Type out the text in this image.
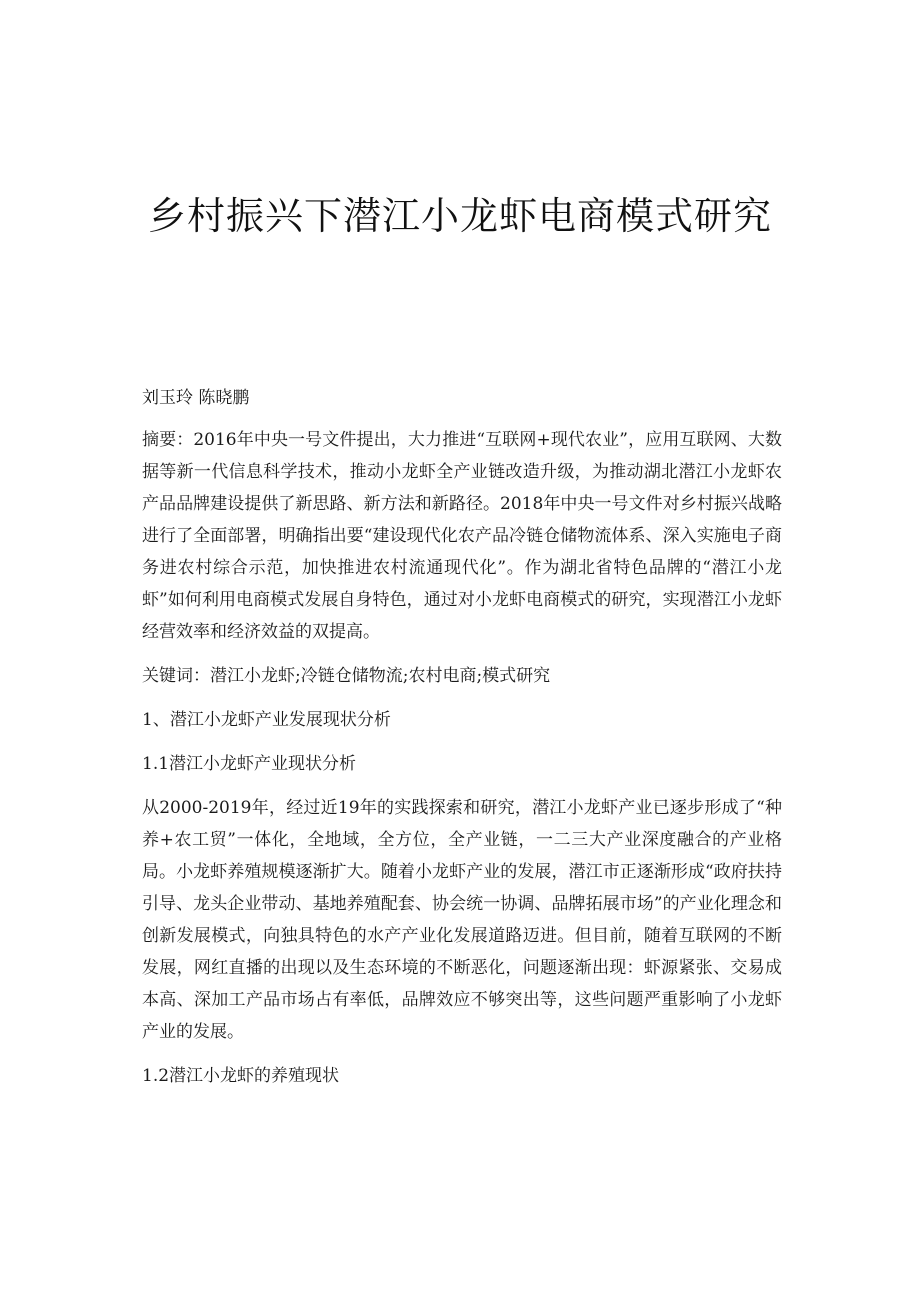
乡村振兴下潜江小龙虾电商模式研究

刘玉玲 陈晓鹏

摘要：2016年中央一号文件提出，大力推进“互联网+现代农业”，应用互联网、大数据等新一代信息科学技术，推动小龙虾全产业链改造升级，为推动湖北潜江小龙虾农产品品牌建设提供了新思路、新方法和新路径。2018年中央一号文件对乡村振兴战略进行了全面部署，明确指出要“建设现代化农产品冷链仓储物流体系、深入实施电子商务进农村综合示范，加快推进农村流通现代化”。作为湖北省特色品牌的“潜江小龙虾”如何利用电商模式发展自身特色，通过对小龙虾电商模式的研究，实现潜江小龙虾经营效率和经济效益的双提高。

关键词：潜江小龙虾;冷链仓储物流;农村电商;模式研究

1、潜江小龙虾产业发展现状分析

1.1潜江小龙虾产业现状分析

从2000-2019年，经过近19年的实践探索和研究，潜江小龙虾产业已逐步形成了“种养+农工贸”一体化，全地域，全方位，全产业链，一二三大产业深度融合的产业格局。小龙虾养殖规模逐渐扩大。随着小龙虾产业的发展，潜江市正逐渐形成“政府扶持引导、龙头企业带动、基地养殖配套、协会统一协调、品牌拓展市场”的产业化理念和创新发展模式，向独具特色的水产产业化发展道路迈进。但目前，随着互联网的不断发展，网红直播的出现以及生态环境的不断恶化，问题逐渐出现：虾源紧张、交易成本高、深加工产品市场占有率低，品牌效应不够突出等，这些问题严重影响了小龙虾产业的发展。

1.2潜江小龙虾的养殖现状
